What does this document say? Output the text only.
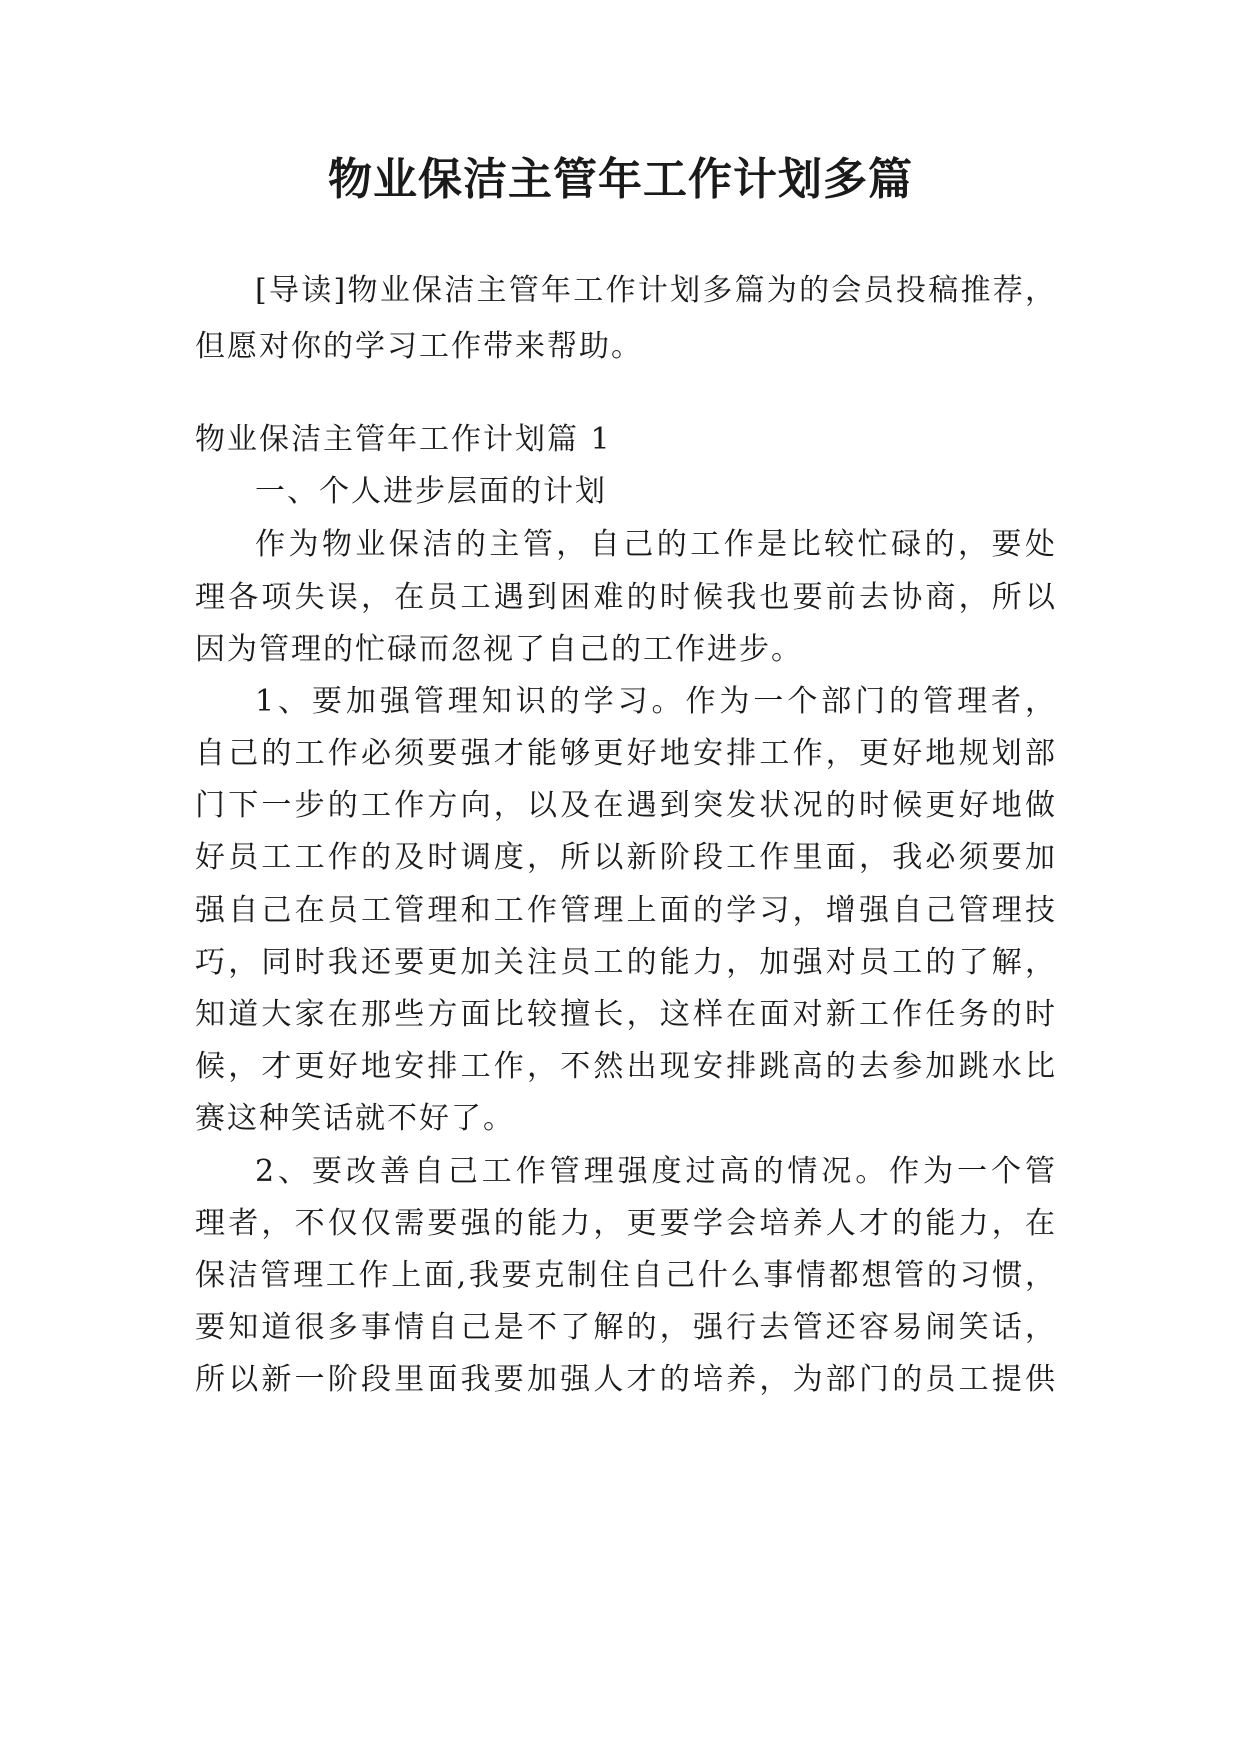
物业保洁主管年工作计划多篇
[导读]物业保洁主管年工作计划多篇为的会员投稿推荐，
但愿对你的学习工作带来帮助。
物业保洁主管年工作计划篇 1
一、个人进步层面的计划
作为物业保洁的主管，自己的工作是比较忙碌的，要处
理各项失误，在员工遇到困难的时候我也要前去协商，所以
因为管理的忙碌而忽视了自己的工作进步。
1、要加强管理知识的学习。作为一个部门的管理者，
自己的工作必须要强才能够更好地安排工作，更好地规划部
门下一步的工作方向，以及在遇到突发状况的时候更好地做
好员工工作的及时调度，所以新阶段工作里面，我必须要加
强自己在员工管理和工作管理上面的学习，增强自己管理技
巧，同时我还要更加关注员工的能力，加强对员工的了解，
知道大家在那些方面比较擅长，这样在面对新工作任务的时
候，才更好地安排工作，不然出现安排跳高的去参加跳水比
赛这种笑话就不好了。
2、要改善自己工作管理强度过高的情况。作为一个管
理者，不仅仅需要强的能力，更要学会培养人才的能力，在
保洁管理工作上面,我要克制住自己什么事情都想管的习惯，
要知道很多事情自己是不了解的，强行去管还容易闹笑话，
所以新一阶段里面我要加强人才的培养，为部门的员工提供
